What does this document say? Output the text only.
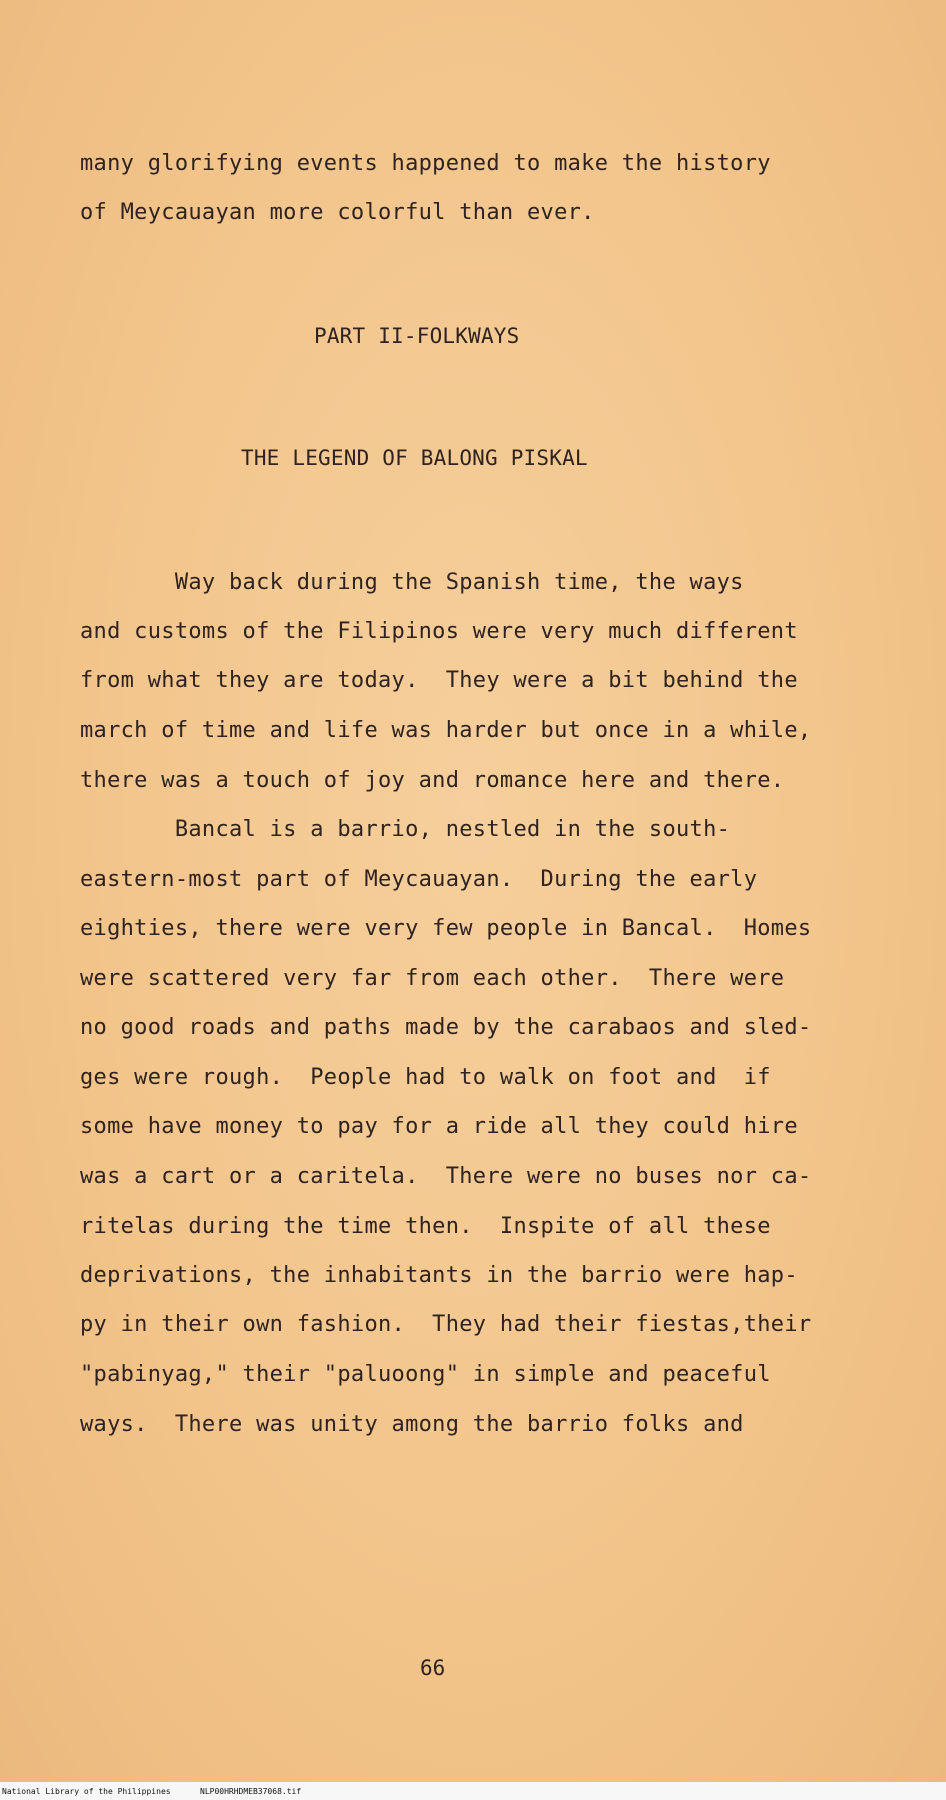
many glorifying events happened to make the history
of Meycauayan more colorful than ever.
PART II-FOLKWAYS
THE LEGEND OF BALONG PISKAL
Way back during the Spanish time, the ways
and customs of the Filipinos were very much different
from what they are today.  They were a bit behind the
march of time and life was harder but once in a while,
there was a touch of joy and romance here and there.
Bancal is a barrio, nestled in the south-
eastern-most part of Meycauayan.  During the early
eighties, there were very few people in Bancal.  Homes
were scattered very far from each other.  There were
no good roads and paths made by the carabaos and sled-
ges were rough.  People had to walk on foot and  if
some have money to pay for a ride all they could hire
was a cart or a caritela.  There were no buses nor ca-
ritelas during the time then.  Inspite of all these
deprivations, the inhabitants in the barrio were hap-
py in their own fashion.  They had their fiestas,their
"pabinyag," their "paluoong" in simple and peaceful
ways.  There was unity among the barrio folks and
66
National Library of the Philippines	NLP00HRHDMEB37068.tif
